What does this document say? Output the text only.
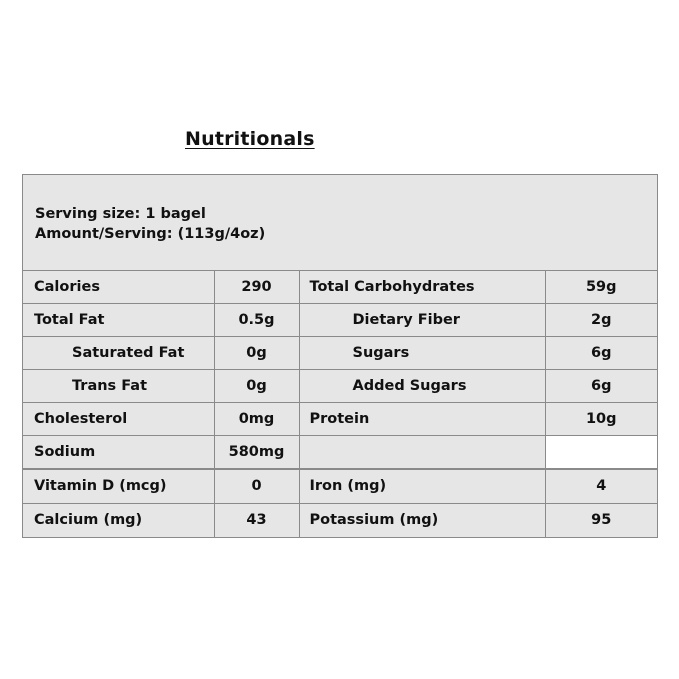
Nutritionals
Serving size: 1 bagel
Amount/Serving: (113g/4oz)
Calories	290	Total Carbohydrates	59g
Total Fat	0.5g	Dietary Fiber	2g
Saturated Fat	0g	Sugars	6g
Trans Fat	0g	Added Sugars	6g
Cholesterol	0mg	Protein	10g
Sodium	580mg		
Vitamin D (mcg)	0	Iron (mg)	4
Calcium (mg)	43	Potassium (mg)	95
